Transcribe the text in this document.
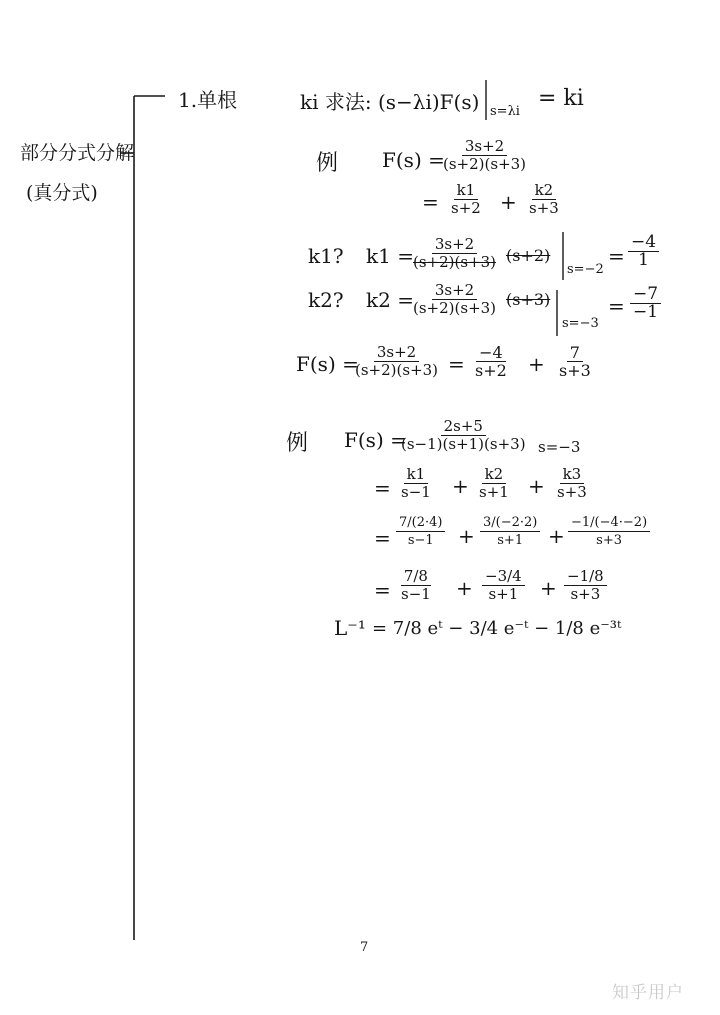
部分分式分解
(真分式)
1.单根	ki 求法: (s−λi)F(s) s=λi
= ki
例 F(s) =
$\frac{3s+2}{(s+2)(s+3)}$
= $\frac{k1}{s+2} + \frac{k2}{s+3}$
k1? k1 =
$\frac{3s+2}{(s+2)(s+3)} (s+2)$
s=−2
= $\frac{-4}{1}$
k2? k2 =
$\frac{3s+2}{(s+2)(s+3)} (s+3)$
s=−3
= $\frac{-7}{-1}$
F(s) =
$\frac{3s+2}{(s+2)(s+3)} = \frac{-4}{s+2} + \frac{7}{s+3}$
例 F(s) =
$\frac{2s+5}{(s-1)(s+1)(s+3)} s=-3$
= $\frac{k1}{s-1} + \frac{k2}{s+1} + \frac{k3}{s+3}$
= $\frac{7/(2\cdot 4)}{s-1} + \frac{3/(-2\cdot 2)}{s+1} + \frac{-1/(-4\cdot-2)}{s+3}$
= $\frac{7/8}{s-1} + \frac{-3/4}{s+1} + \frac{-1/8}{s+3}$
L⁻¹ = 7/8 eᵗ − 3/4 e⁻ᵗ − 1/8 e⁻³ᵗ
7
知乎用户
